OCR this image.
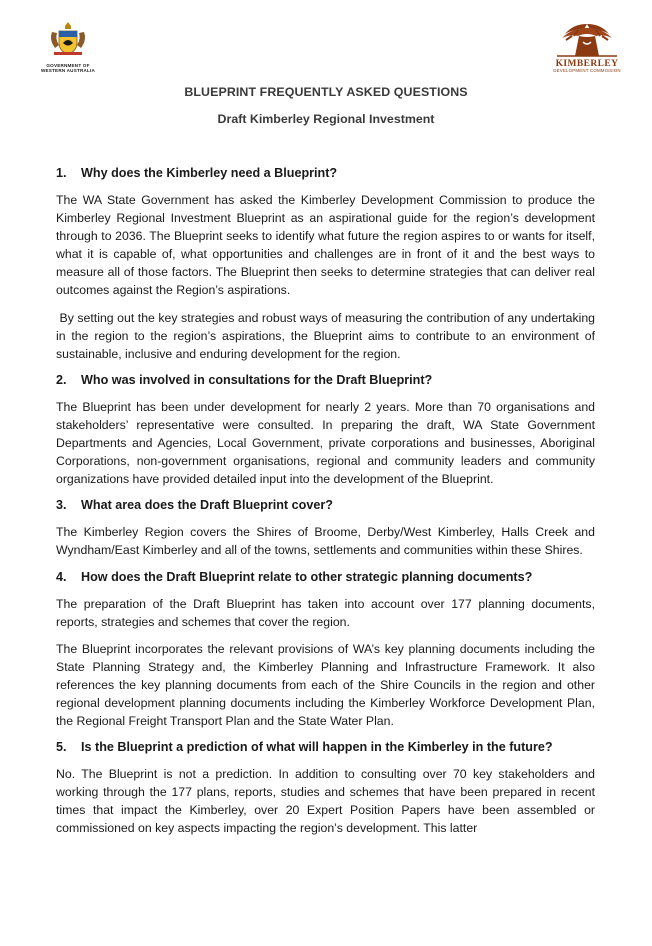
GOVERNMENT OF
WESTERN AUSTRALIA
KIMBERLEY
DEVELOPMENT COMMISSION
BLUEPRINT FREQUENTLY ASKED QUESTIONS
Draft Kimberley Regional Investment
1.	Why does the Kimberley need a Blueprint?

The WA State Government has asked the Kimberley Development Commission to produce the Kimberley Regional Investment Blueprint as an aspirational guide for the region’s development through to 2036. The Blueprint seeks to identify what future the region aspires to or wants for itself, what it is capable of, what opportunities and challenges are in front of it and the best ways to measure all of those factors. The Blueprint then seeks to determine strategies that can deliver real outcomes against the Region’s aspirations.

By setting out the key strategies and robust ways of measuring the contribution of any undertaking in the region to the region’s aspirations, the Blueprint aims to contribute to an environment of sustainable, inclusive and enduring development for the region.

2.	Who was involved in consultations for the Draft Blueprint?

The Blueprint has been under development for nearly 2 years. More than 70 organisations and stakeholders’ representative were consulted. In preparing the draft, WA State Government Departments and Agencies, Local Government, private corporations and businesses, Aboriginal Corporations, non-government organisations, regional and community leaders and community organizations have provided detailed input into the development of the Blueprint.

3.	What area does the Draft Blueprint cover?

The Kimberley Region covers the Shires of Broome, Derby/West Kimberley, Halls Creek and Wyndham/East Kimberley and all of the towns, settlements and communities within these Shires.

4.	How does the Draft Blueprint relate to other strategic planning documents?

The preparation of the Draft Blueprint has taken into account over 177 planning documents, reports, strategies and schemes that cover the region.

The Blueprint incorporates the relevant provisions of WA’s key planning documents including the State Planning Strategy and, the Kimberley Planning and Infrastructure Framework. It also references the key planning documents from each of the Shire Councils in the region and other regional development planning documents including the Kimberley Workforce Development Plan, the Regional Freight Transport Plan and the State Water Plan.

5.	Is the Blueprint a prediction of what will happen in the Kimberley in the future?

No. The Blueprint is not a prediction. In addition to consulting over 70 key stakeholders and working through the 177 plans, reports, studies and schemes that have been prepared in recent times that impact the Kimberley, over 20 Expert Position Papers have been assembled or commissioned on key aspects impacting the region’s development. This latter
